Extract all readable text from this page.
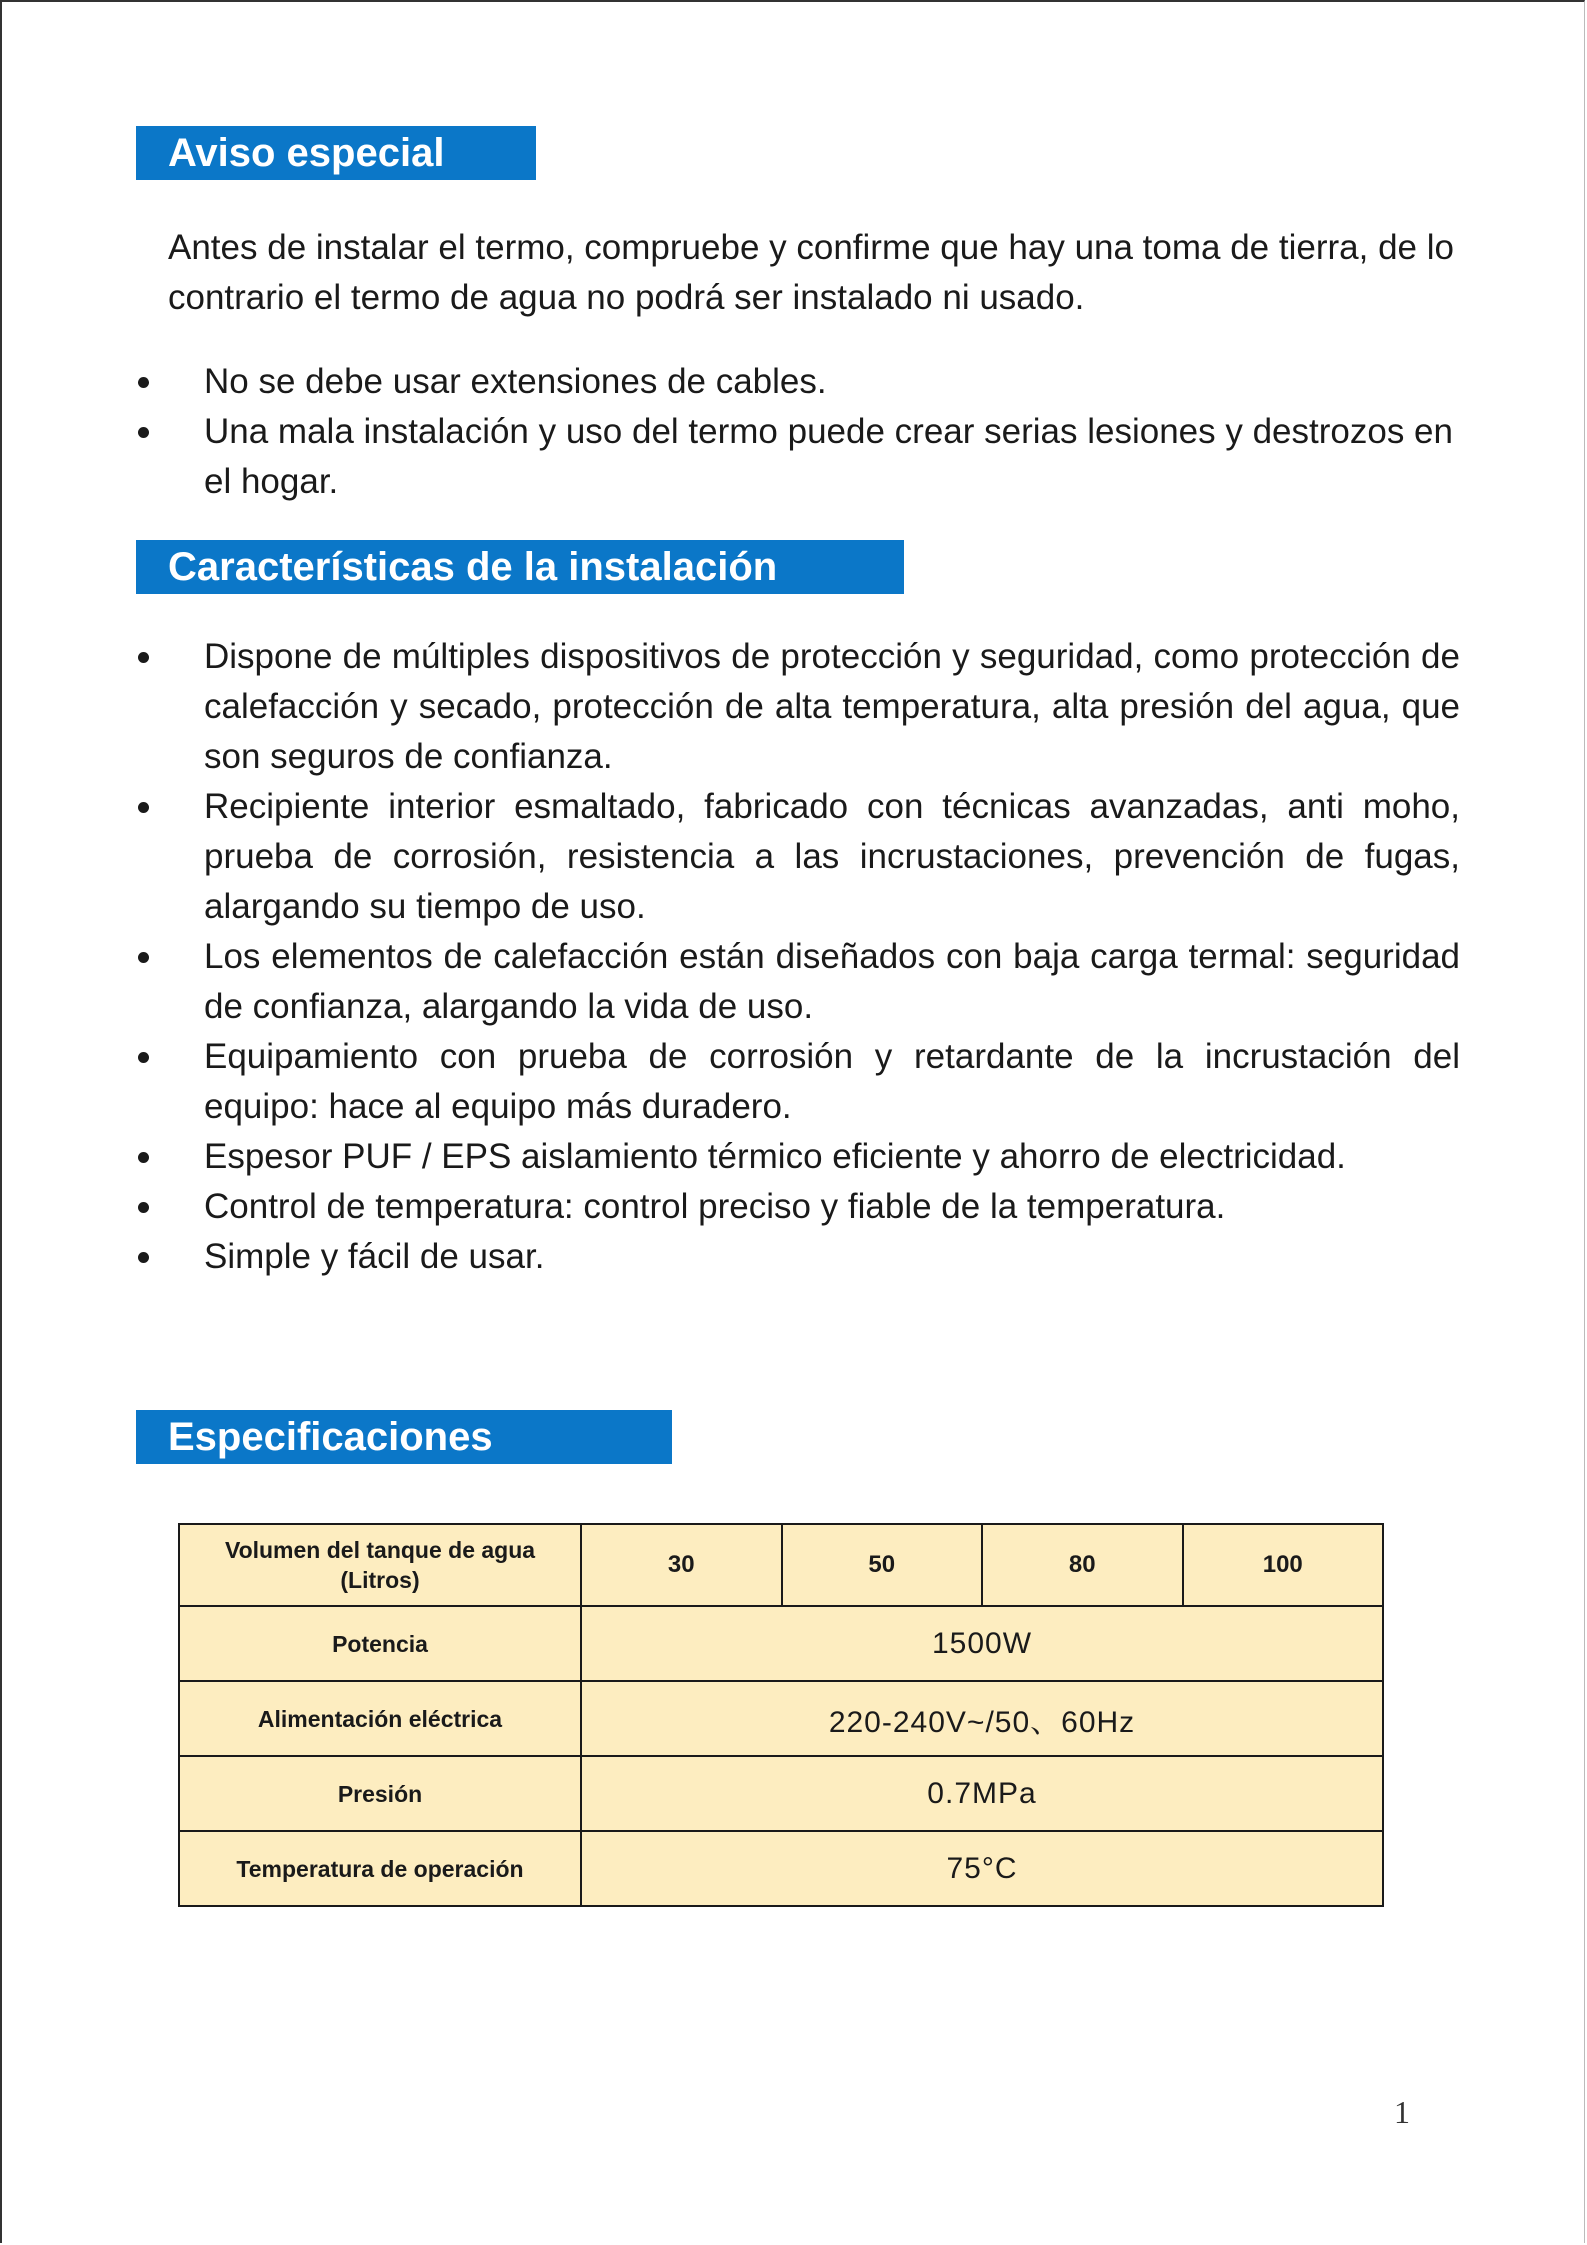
Aviso especial

Antes de instalar el termo, compruebe y confirme que hay una toma de tierra, de lo contrario el termo de agua no podrá ser instalado ni usado.

No se debe usar extensiones de cables.
Una mala instalación y uso del termo puede crear serias lesiones y destrozos en el hogar.
Características de la instalación
Dispone de múltiples dispositivos de protección y seguridad, como protección de calefacción y secado, protección de alta temperatura, alta presión del agua, que son seguros de confianza.
Recipiente interior esmaltado, fabricado con técnicas avanzadas, anti moho, prueba de corrosión, resistencia a las incrustaciones, prevención de fugas, alargando su tiempo de uso.
Los elementos de calefacción están diseñados con baja carga termal: seguridad de confianza, alargando la vida de uso.
Equipamiento con prueba de corrosión y retardante de la incrustación del equipo: hace al equipo más duradero.
Espesor PUF / EPS aislamiento térmico eficiente y ahorro de electricidad.
Control de temperatura: control preciso y fiable de la temperatura.
Simple y fácil de usar.
Especificaciones
Volumen del tanque de agua
(Litros)	30	50	80	100
Potencia	1500W			
Alimentación eléctrica	220-240V~/50、60Hz			
Presión	0.7MPa			
Temperatura de operación	75°C			
1
